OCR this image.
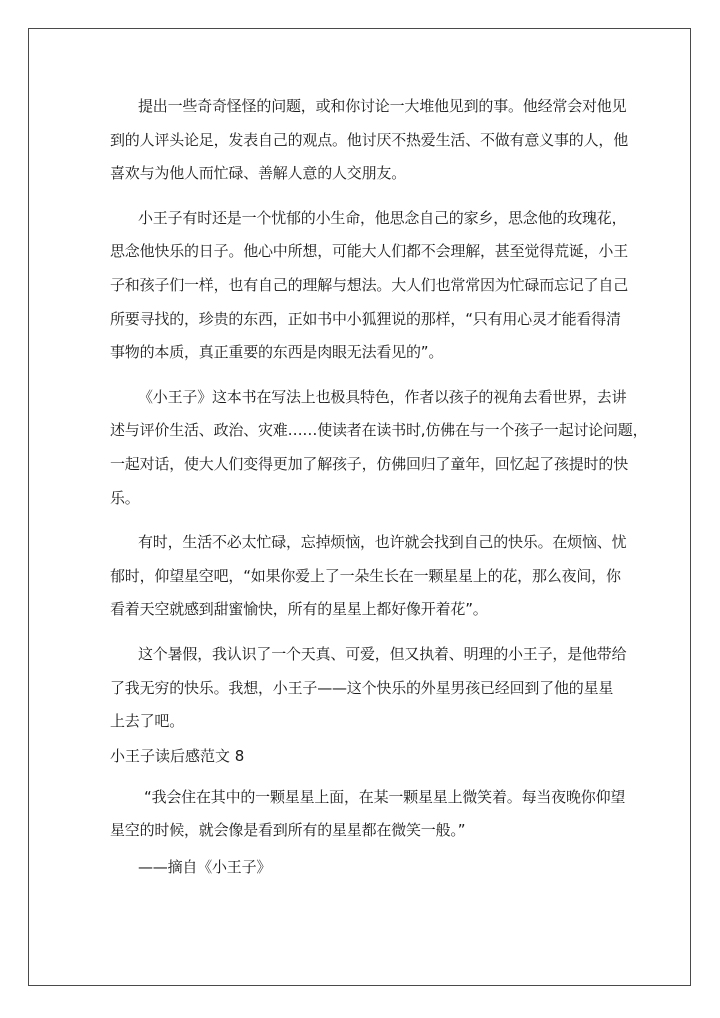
提出一些奇奇怪怪的问题，或和你讨论一大堆他见到的事。他经常会对他见
到的人评头论足，发表自己的观点。他讨厌不热爱生活、不做有意义事的人，他
喜欢与为他人而忙碌、善解人意的人交朋友。

小王子有时还是一个忧郁的小生命，他思念自己的家乡，思念他的玫瑰花，
思念他快乐的日子。他心中所想，可能大人们都不会理解，甚至觉得荒诞，小王
子和孩子们一样，也有自己的理解与想法。大人们也常常因为忙碌而忘记了自己
所要寻找的，珍贵的东西，正如书中小狐狸说的那样，“只有用心灵才能看得清
事物的本质，真正重要的东西是肉眼无法看见的”。

《小王子》这本书在写法上也极具特色，作者以孩子的视角去看世界，去讲
述与评价生活、政治、灾难……使读者在读书时,仿佛在与一个孩子一起讨论问题，
一起对话，使大人们变得更加了解孩子，仿佛回归了童年，回忆起了孩提时的快
乐。

有时，生活不必太忙碌，忘掉烦恼，也许就会找到自己的快乐。在烦恼、忧
郁时，仰望星空吧，“如果你爱上了一朵生长在一颗星星上的花，那么夜间，你
看着天空就感到甜蜜愉快，所有的星星上都好像开着花”。

这个暑假，我认识了一个天真、可爱，但又执着、明理的小王子，是他带给
了我无穷的快乐。我想，小王子——这个快乐的外星男孩已经回到了他的星星
上去了吧。

小王子读后感范文 8

“我会住在其中的一颗星星上面，在某一颗星星上微笑着。每当夜晚你仰望
星空的时候，就会像是看到所有的星星都在微笑一般。”

——摘自《小王子》
